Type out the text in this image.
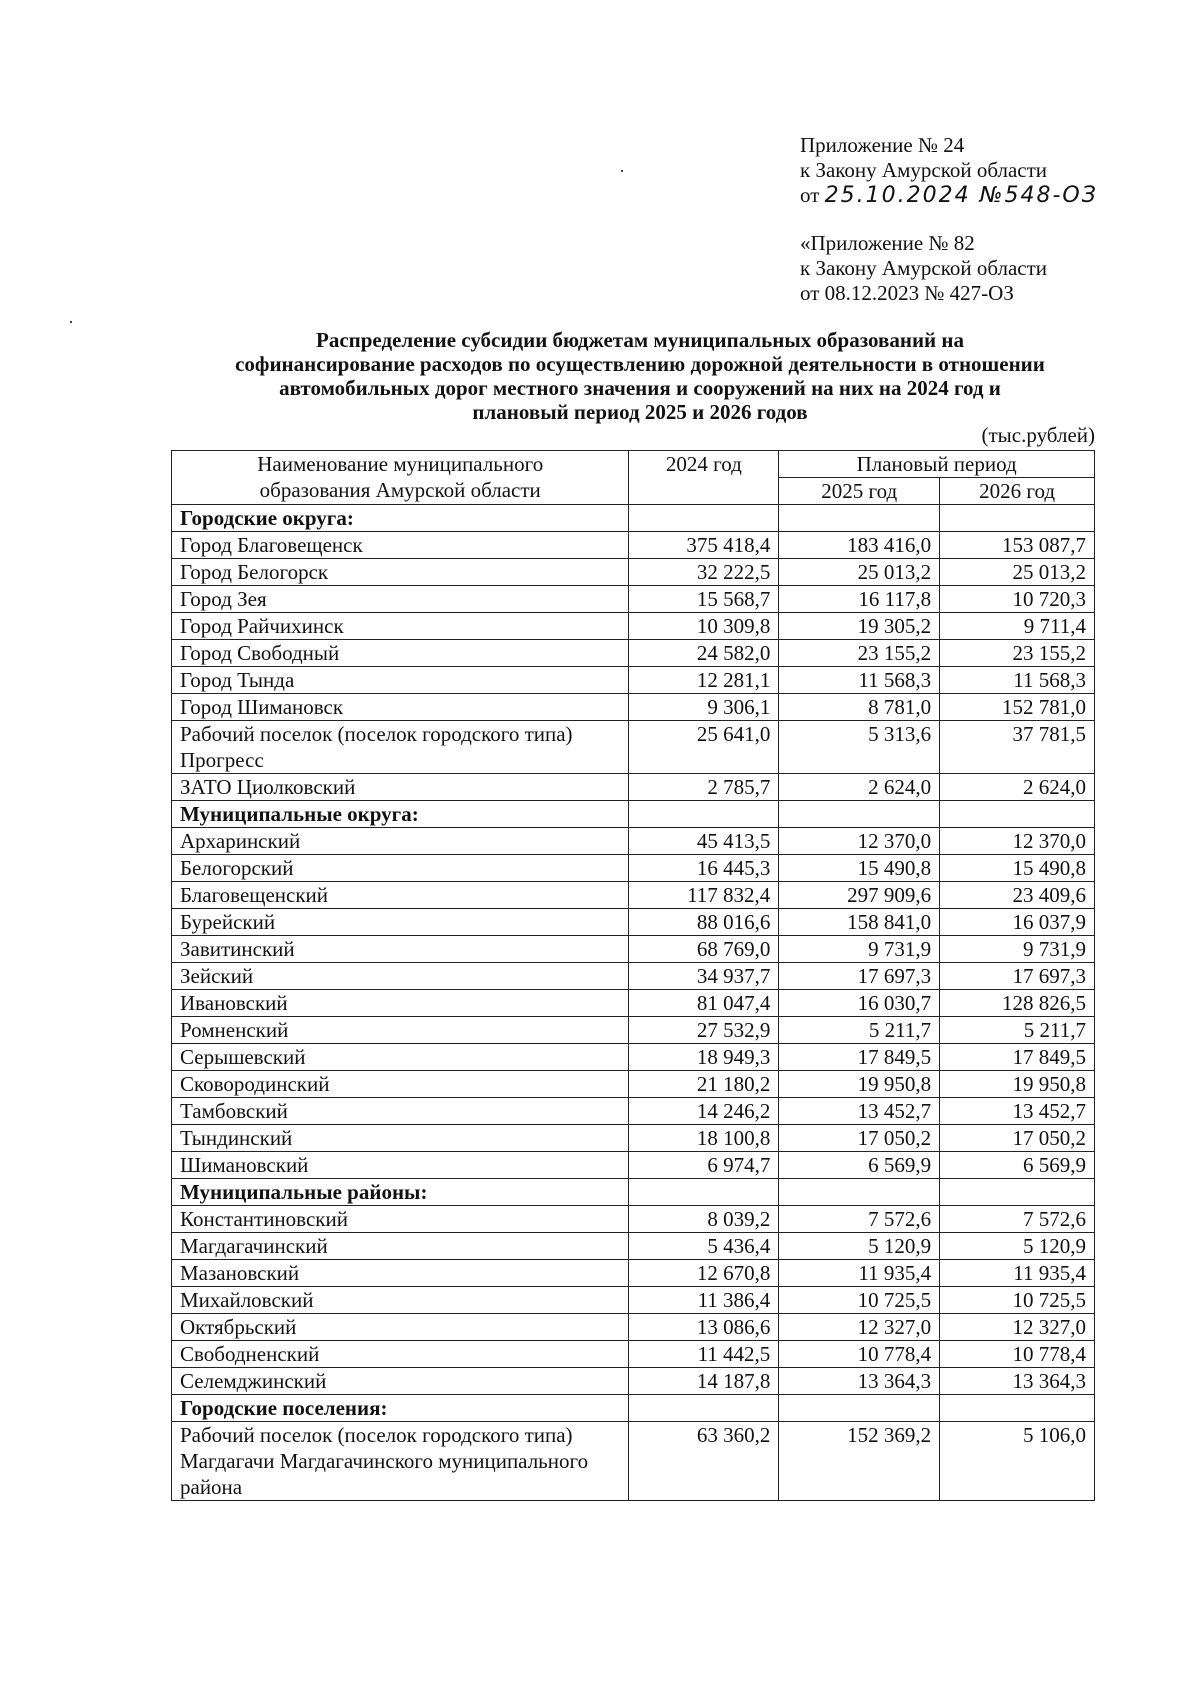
Приложение № 24
к Закону Амурской области
от 25.10.2024 №548-ОЗ
«Приложение № 82
к Закону Амурской области
от 08.12.2023 № 427-ОЗ
Распределение субсидии бюджетам муниципальных образований на
софинансирование расходов по осуществлению дорожной деятельности в отношении
автомобильных дорог местного значения и сооружений на них на 2024 год и
плановый период 2025 и 2026 годов
(тыс.рублей)
Наименование муниципального образования Амурской области	2024 год	Плановый период	
		2025 год	2026 год
Городские округа:			
Город Благовещенск	375 418,4	183 416,0	153 087,7
Город Белогорск	32 222,5	25 013,2	25 013,2
Город Зея	15 568,7	16 117,8	10 720,3
Город Райчихинск	10 309,8	19 305,2	9 711,4
Город Свободный	24 582,0	23 155,2	23 155,2
Город Тында	12 281,1	11 568,3	11 568,3
Город Шимановск	9 306,1	8 781,0	152 781,0
Рабочий поселок (поселок городского типа) Прогресс	25 641,0	5 313,6	37 781,5
ЗАТО Циолковский	2 785,7	2 624,0	2 624,0
Муниципальные округа:			
Архаринский	45 413,5	12 370,0	12 370,0
Белогорский	16 445,3	15 490,8	15 490,8
Благовещенский	117 832,4	297 909,6	23 409,6
Бурейский	88 016,6	158 841,0	16 037,9
Завитинский	68 769,0	9 731,9	9 731,9
Зейский	34 937,7	17 697,3	17 697,3
Ивановский	81 047,4	16 030,7	128 826,5
Ромненский	27 532,9	5 211,7	5 211,7
Серышевский	18 949,3	17 849,5	17 849,5
Сковородинский	21 180,2	19 950,8	19 950,8
Тамбовский	14 246,2	13 452,7	13 452,7
Тындинский	18 100,8	17 050,2	17 050,2
Шимановский	6 974,7	6 569,9	6 569,9
Муниципальные районы:			
Константиновский	8 039,2	7 572,6	7 572,6
Магдагачинский	5 436,4	5 120,9	5 120,9
Мазановский	12 670,8	11 935,4	11 935,4
Михайловский	11 386,4	10 725,5	10 725,5
Октябрьский	13 086,6	12 327,0	12 327,0
Свободненский	11 442,5	10 778,4	10 778,4
Селемджинский	14 187,8	13 364,3	13 364,3
Городские поселения:			
Рабочий поселок (поселок городского типа) Магдагачи Магдагачинского муниципального района	63 360,2	152 369,2	5 106,0
